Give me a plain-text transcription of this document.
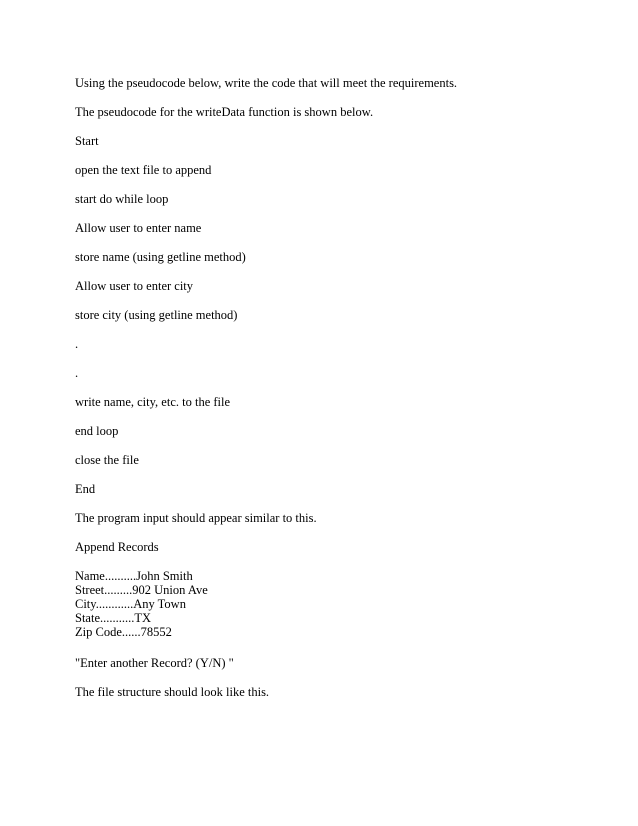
Using the pseudocode below, write the code that will meet the requirements.

The pseudocode for the writeData function is shown below.

Start

open the text file to append

start do while loop

Allow user to enter name

store name (using getline method)

Allow user to enter city

store city (using getline method)

.

.

write name, city, etc. to the file

end loop

close the file

End

The program input should appear similar to this.

Append Records

Name..........John Smith

Street.........902 Union Ave

City............Any Town

State...........TX

Zip Code......78552

"Enter another Record? (Y/N) "

The file structure should look like this.
